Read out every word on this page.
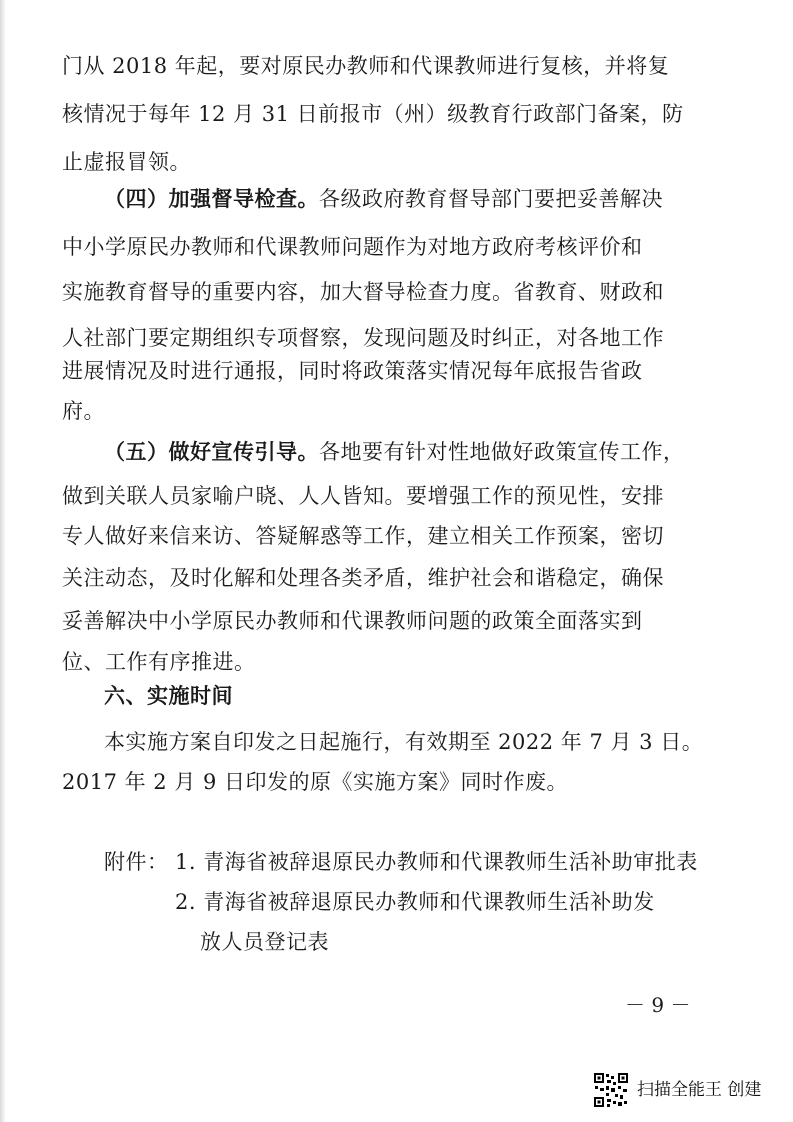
门从 2018 年起，要对原民办教师和代课教师进行复核，并将复
核情况于每年 12 月 31 日前报市（州）级教育行政部门备案，防
止虚报冒领。
（四）加强督导检查。各级政府教育督导部门要把妥善解决
中小学原民办教师和代课教师问题作为对地方政府考核评价和
实施教育督导的重要内容，加大督导检查力度。省教育、财政和
人社部门要定期组织专项督察，发现问题及时纠正，对各地工作
进展情况及时进行通报，同时将政策落实情况每年底报告省政
府。
（五）做好宣传引导。各地要有针对性地做好政策宣传工作，
做到关联人员家喻户晓、人人皆知。要增强工作的预见性，安排
专人做好来信来访、答疑解惑等工作，建立相关工作预案，密切
关注动态，及时化解和处理各类矛盾，维护社会和谐稳定，确保
妥善解决中小学原民办教师和代课教师问题的政策全面落实到
位、工作有序推进。
六、实施时间
本实施方案自印发之日起施行，有效期至 2022 年 7 月 3 日。
2017 年 2 月 9 日印发的原《实施方案》同时作废。
附件： 1. 青海省被辞退原民办教师和代课教师生活补助审批表
2. 青海省被辞退原民办教师和代课教师生活补助发
放人员登记表
－ 9 －
扫描全能王 创建
